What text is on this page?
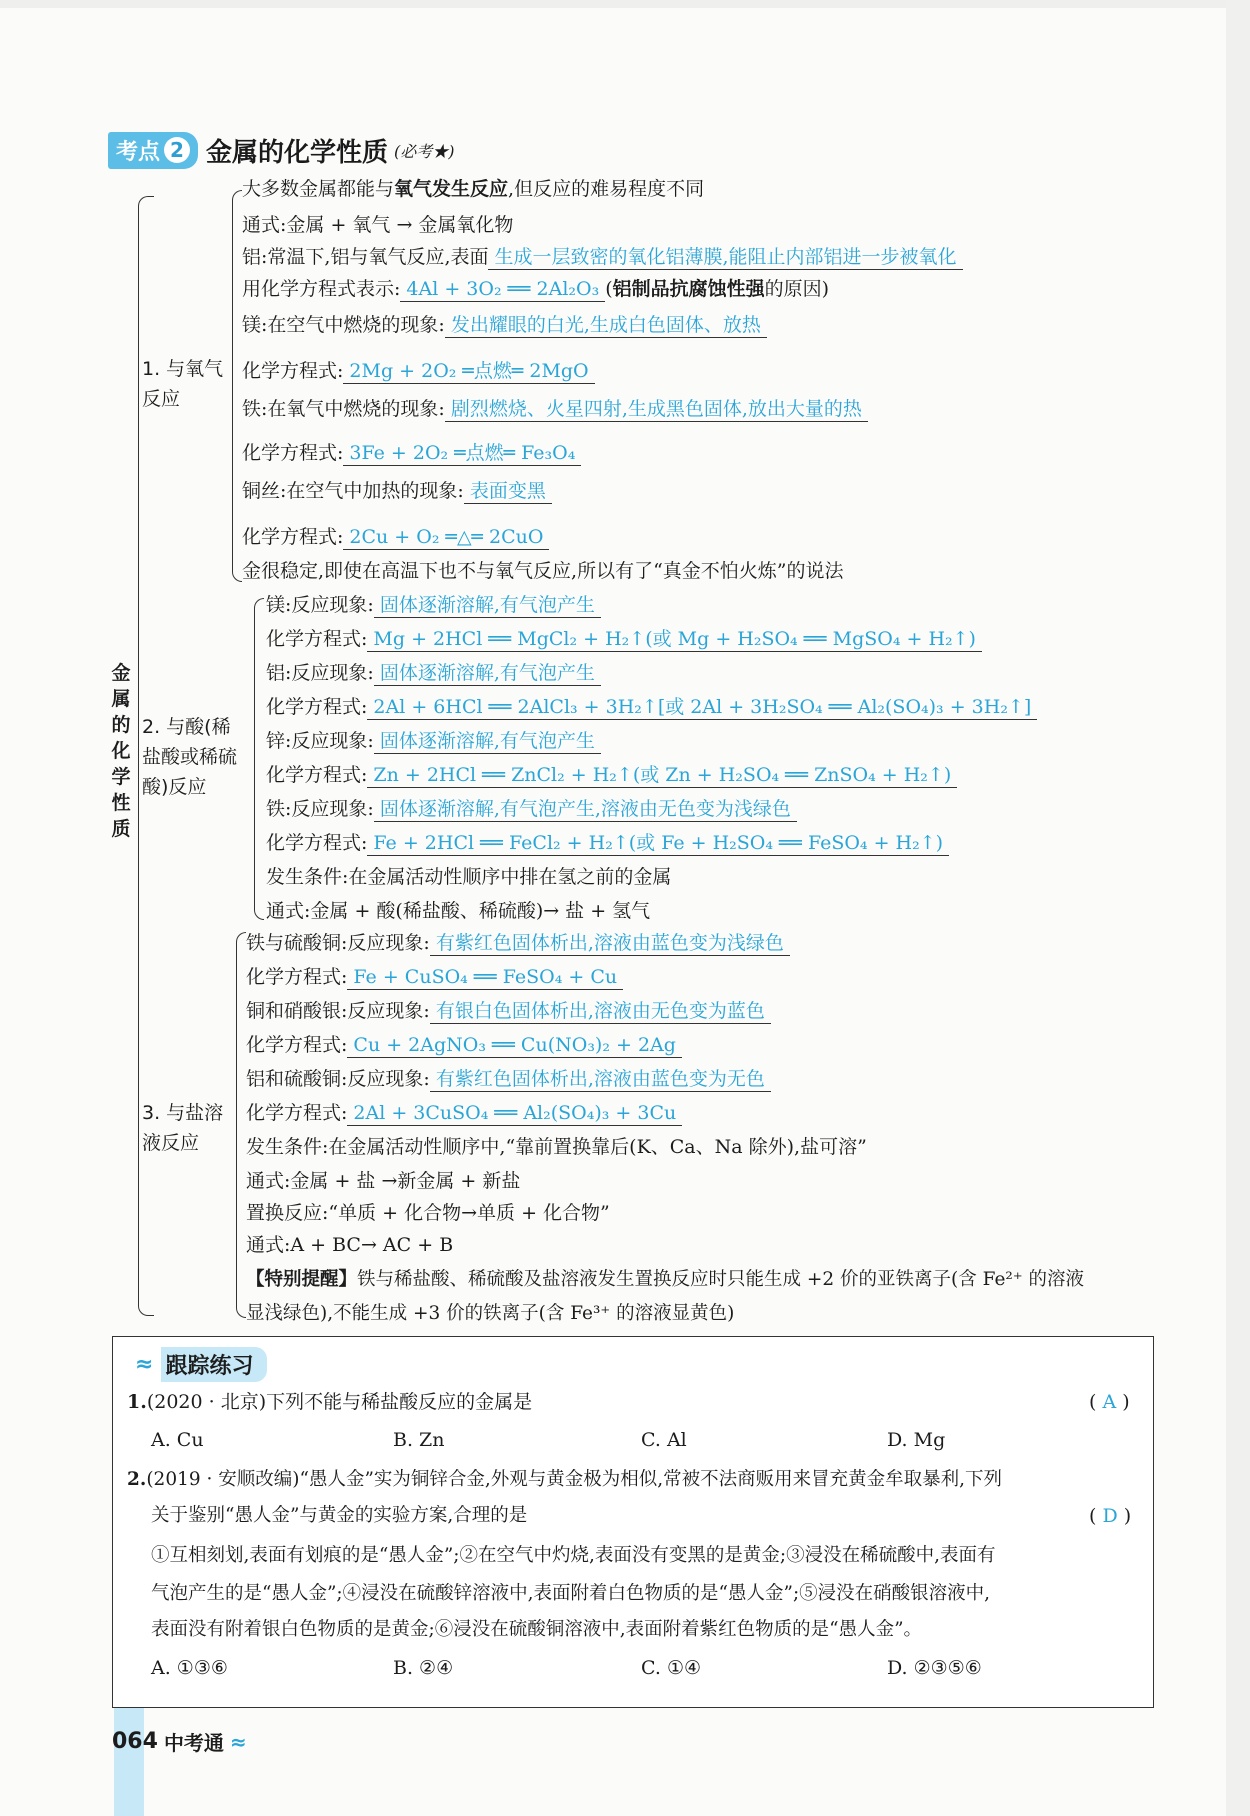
考点 2 金属的化学性质 (必考★)
金属的化学性质
1. 与氧气
反应
大多数金属都能与氧气发生反应,但反应的难易程度不同
通式:金属 + 氧气 → 金属氧化物
铝:常温下,铝与氧气反应,表面 生成一层致密的氧化铝薄膜,能阻止内部铝进一步被氧化
用化学方程式表示: 4Al + 3O₂ ══ 2Al₂O₃ (铝制品抗腐蚀性强的原因)
镁:在空气中燃烧的现象: 发出耀眼的白光,生成白色固体、放热
化学方程式: 2Mg + 2O₂ ═点燃═ 2MgO
铁:在氧气中燃烧的现象: 剧烈燃烧、火星四射,生成黑色固体,放出大量的热
化学方程式: 3Fe + 2O₂ ═点燃═ Fe₃O₄
铜丝:在空气中加热的现象: 表面变黑
化学方程式: 2Cu + O₂ ═△═ 2CuO
金很稳定,即使在高温下也不与氧气反应,所以有了“真金不怕火炼”的说法
2. 与酸(稀
盐酸或稀硫
酸)反应
镁:反应现象: 固体逐渐溶解,有气泡产生
化学方程式: Mg + 2HCl ══ MgCl₂ + H₂↑(或 Mg + H₂SO₄ ══ MgSO₄ + H₂↑)
铝:反应现象: 固体逐渐溶解,有气泡产生
化学方程式: 2Al + 6HCl ══ 2AlCl₃ + 3H₂↑[或 2Al + 3H₂SO₄ ══ Al₂(SO₄)₃ + 3H₂↑]
锌:反应现象: 固体逐渐溶解,有气泡产生
化学方程式: Zn + 2HCl ══ ZnCl₂ + H₂↑(或 Zn + H₂SO₄ ══ ZnSO₄ + H₂↑)
铁:反应现象: 固体逐渐溶解,有气泡产生,溶液由无色变为浅绿色
化学方程式: Fe + 2HCl ══ FeCl₂ + H₂↑(或 Fe + H₂SO₄ ══ FeSO₄ + H₂↑)
发生条件:在金属活动性顺序中排在氢之前的金属
通式:金属 + 酸(稀盐酸、稀硫酸)→ 盐 + 氢气
3. 与盐溶
液反应
铁与硫酸铜:反应现象: 有紫红色固体析出,溶液由蓝色变为浅绿色
化学方程式: Fe + CuSO₄ ══ FeSO₄ + Cu
铜和硝酸银:反应现象: 有银白色固体析出,溶液由无色变为蓝色
化学方程式: Cu + 2AgNO₃ ══ Cu(NO₃)₂ + 2Ag
铝和硫酸铜:反应现象: 有紫红色固体析出,溶液由蓝色变为无色
化学方程式: 2Al + 3CuSO₄ ══ Al₂(SO₄)₃ + 3Cu
发生条件:在金属活动性顺序中,“靠前置换靠后(K、Ca、Na 除外),盐可溶”
通式:金属 + 盐 →新金属 + 新盐
置换反应:“单质 + 化合物→单质 + 化合物”
通式:A + BC→ AC + B
【特别提醒】铁与稀盐酸、稀硫酸及盐溶液发生置换反应时只能生成 +2 价的亚铁离子(含 Fe²⁺ 的溶液
显浅绿色),不能生成 +3 价的铁离子(含 Fe³⁺ 的溶液显黄色)
≈ 跟踪练习
1.(2020 · 北京)下列不能与稀盐酸反应的金属是	( A )
A. Cu	B. Zn	C. Al	D. Mg
2.(2019 · 安顺改编)“愚人金”实为铜锌合金,外观与黄金极为相似,常被不法商贩用来冒充黄金牟取暴利,下列
关于鉴别“愚人金”与黄金的实验方案,合理的是	( D )
①互相刻划,表面有划痕的是“愚人金”;②在空气中灼烧,表面没有变黑的是黄金;③浸没在稀硫酸中,表面有
气泡产生的是“愚人金”;④浸没在硫酸锌溶液中,表面附着白色物质的是“愚人金”;⑤浸没在硝酸银溶液中,
表面没有附着银白色物质的是黄金;⑥浸没在硫酸铜溶液中,表面附着紫红色物质的是“愚人金”。
A. ①③⑥	B. ②④	C. ①④	D. ②③⑤⑥
064 中考通 ≈
